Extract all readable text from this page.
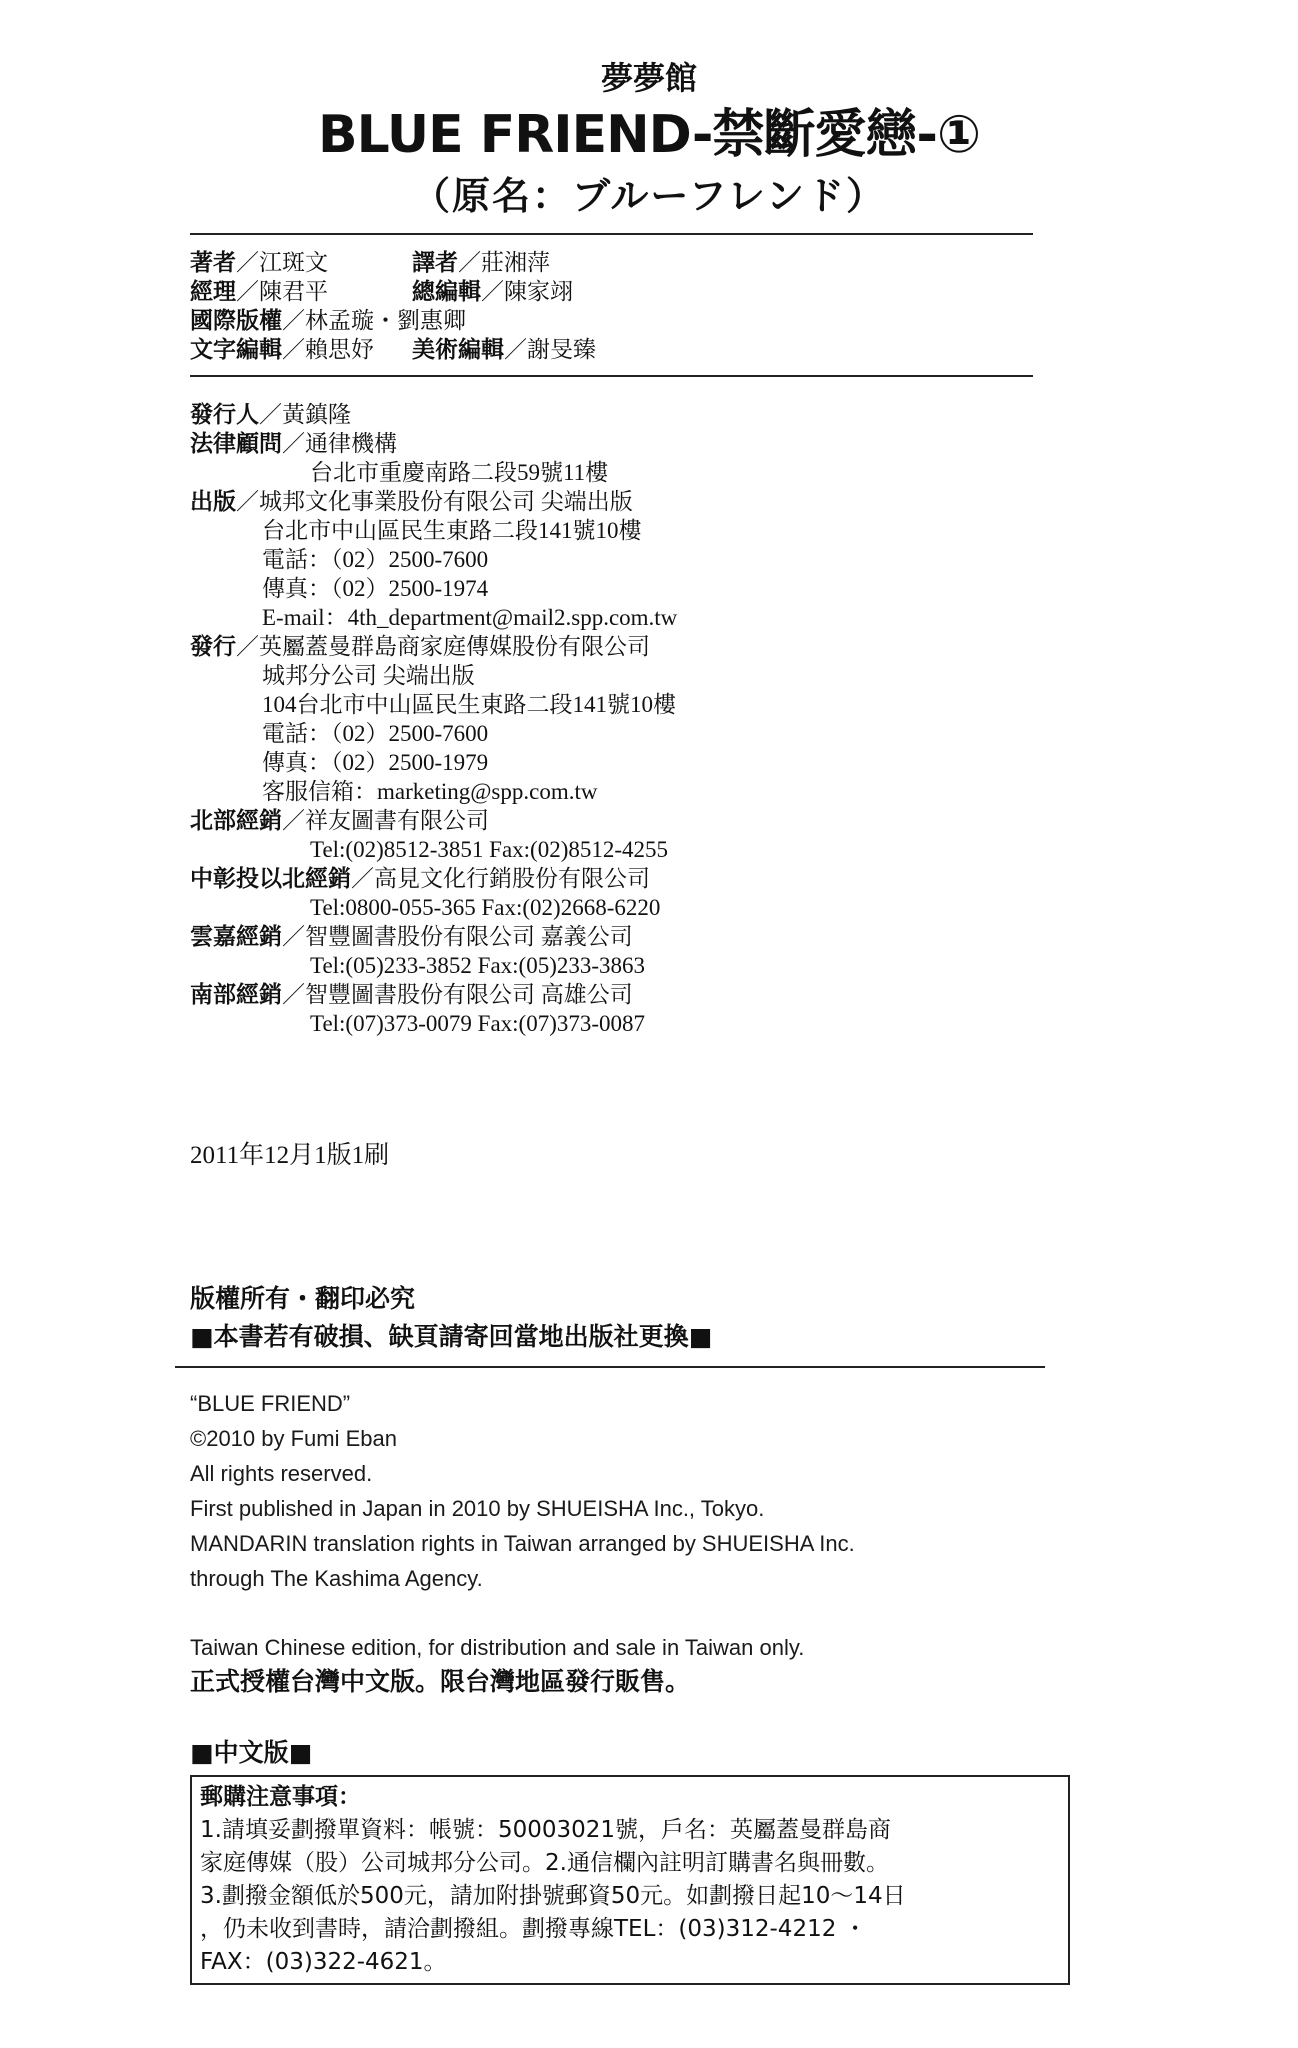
夢夢館
BLUE FRIEND-禁斷愛戀-①
（原名：ブルーフレンド）
著者／江斑文	譯者／莊湘萍
經理／陳君平	總編輯／陳家翊
國際版權／林孟璇・劉惠卿
文字編輯／賴思妤 美術編輯／謝旻臻
發行人／黃鎮隆
法律顧問／通律機構
台北市重慶南路二段59號11樓
出版／城邦文化事業股份有限公司 尖端出版
台北市中山區民生東路二段141號10樓
電話：（02）2500-7600
傳真：（02）2500-1974
E-mail：4th_department@mail2.spp.com.tw
發行／英屬蓋曼群島商家庭傳媒股份有限公司
城邦分公司 尖端出版
104台北市中山區民生東路二段141號10樓
電話：（02）2500-7600
傳真：（02）2500-1979
客服信箱：marketing@spp.com.tw
北部經銷／祥友圖書有限公司
Tel:(02)8512-3851 Fax:(02)8512-4255
中彰投以北經銷／高見文化行銷股份有限公司
Tel:0800-055-365 Fax:(02)2668-6220
雲嘉經銷／智豐圖書股份有限公司 嘉義公司
Tel:(05)233-3852 Fax:(05)233-3863
南部經銷／智豐圖書股份有限公司 高雄公司
Tel:(07)373-0079 Fax:(07)373-0087
2011年12月1版1刷
版權所有・翻印必究
■本書若有破損、缺頁請寄回當地出版社更換■
“BLUE FRIEND”
©2010 by Fumi Eban
All rights reserved.
First published in Japan in 2010 by SHUEISHA Inc., Tokyo.
MANDARIN translation rights in Taiwan arranged by SHUEISHA Inc.
through The Kashima Agency.
Taiwan Chinese edition, for distribution and sale in Taiwan only.
正式授權台灣中文版。限台灣地區發行販售。
■中文版■
郵購注意事項：
1.請填妥劃撥單資料：帳號：50003021號，戶名：英屬蓋曼群島商
家庭傳媒（股）公司城邦分公司。2.通信欄內註明訂購書名與冊數。
3.劃撥金額低於500元，請加附掛號郵資50元。如劃撥日起10～14日
，仍未收到書時，請洽劃撥組。劃撥專線TEL：(03)312-4212 ・
FAX：(03)322-4621。
